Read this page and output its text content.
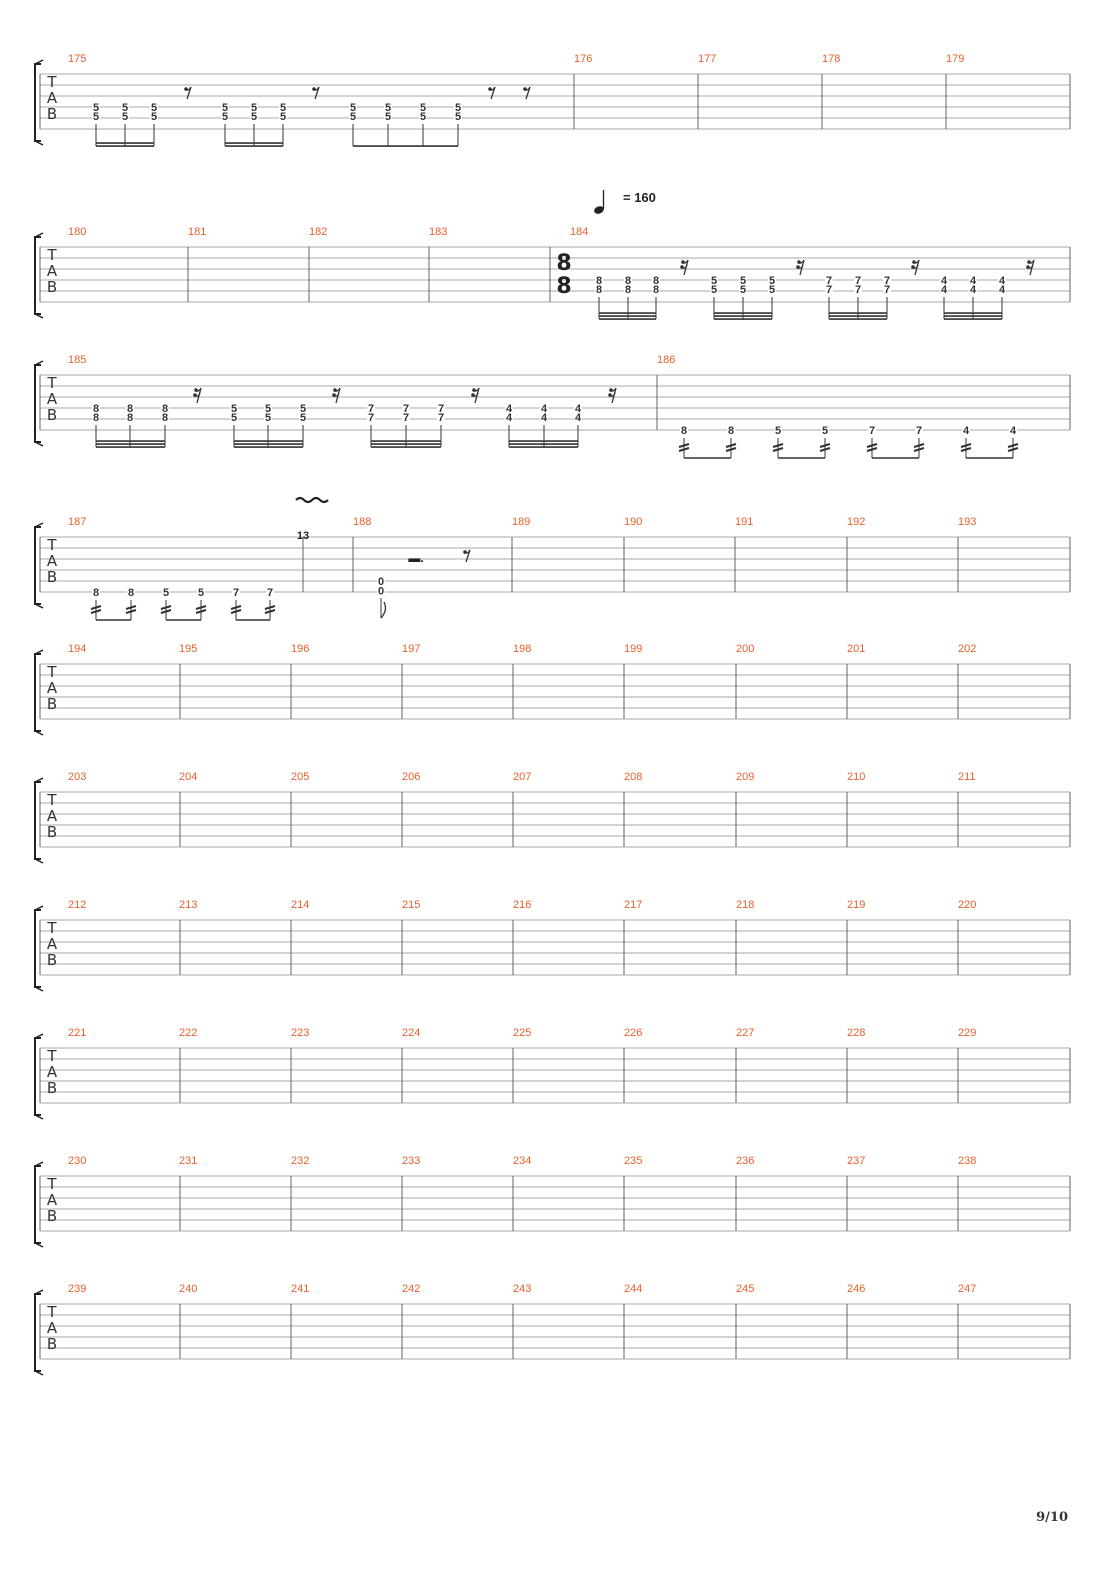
T
A
B
175
5
5
5
5
5
5
5
5
5
5
5
5
5
5
5
5
5
5
5
5
176	177	178	179
T
A
B
180	181	182	183	184
8
8
8
8
8
8
5
5
5
5
5
5
7
7
7
7
7
7
4
4
4
4
4
4
T
A
B
185
8
8
8
8
8
8
5
5
5
5
5
5
7
7
7
7
7
7
4
4
4
4
4
4
186
8	8	5	5	7	7	4	4
T
A
B
187
8	8	5	5	7	7
188
0
0
189	190	191	192	193
T
A
B
194	195	196	197	198	199	200	201	202
T
A
B
203	204	205	206	207	208	209	210	211
T
A
B
212	213	214	215	216	217	218	219	220
T
A
B
221	222	223	224	225	226	227	228	229
T
A
B
230	231	232	233	234	235	236	237	238
T
A
B
239	240	241	242	243	244	245	246	247
8
8
= 160
13
▬.
9/10
